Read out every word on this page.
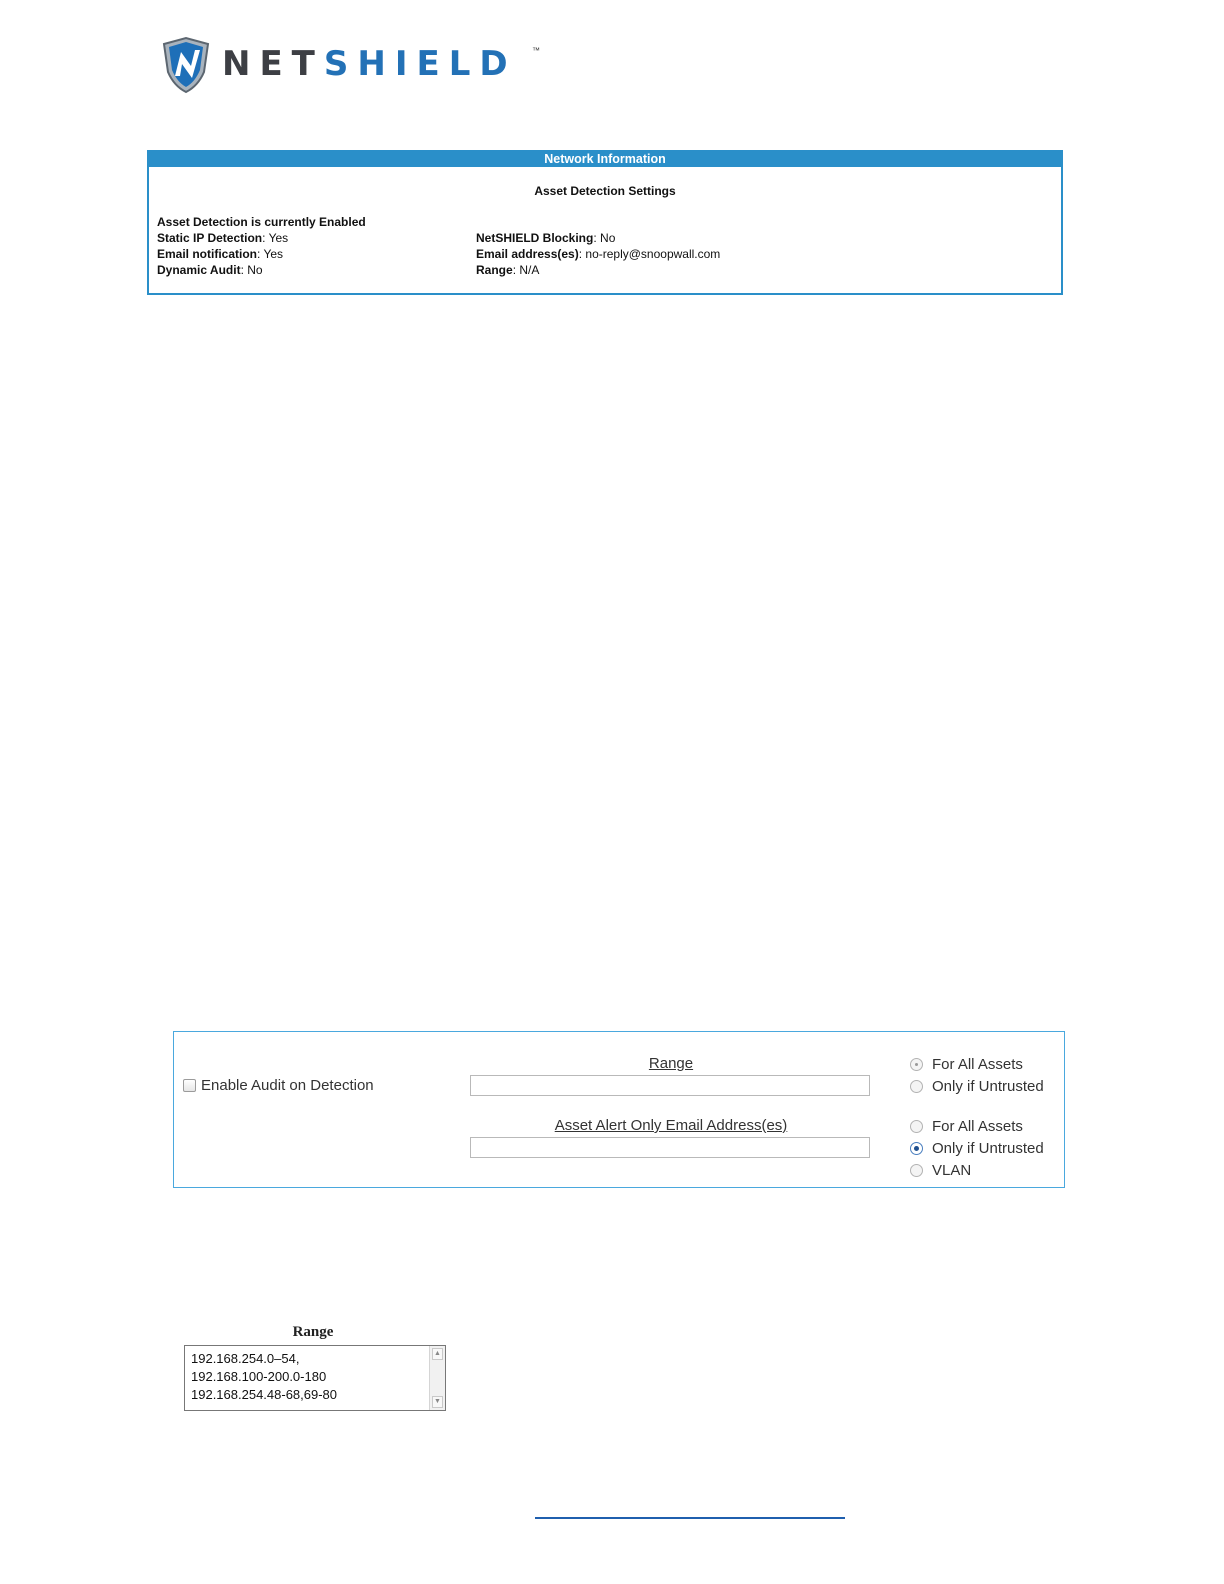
NETSHIELD ™
Network Information
Asset Detection Settings
Asset Detection is currently Enabled
Static IP Detection: Yes
Email notification: Yes
Dynamic Audit: No
NetSHIELD Blocking: No
Email address(es): no-reply@snoopwall.com
Range: N/A
Enable Audit on Detection
Range
Asset Alert Only Email Address(es)
For All Assets
Only if Untrusted
For All Assets
Only if Untrusted
VLAN
Range
192.168.254.0–54,
192.168.100-200.0-180
192.168.254.48-68,69-80
▲
▼
